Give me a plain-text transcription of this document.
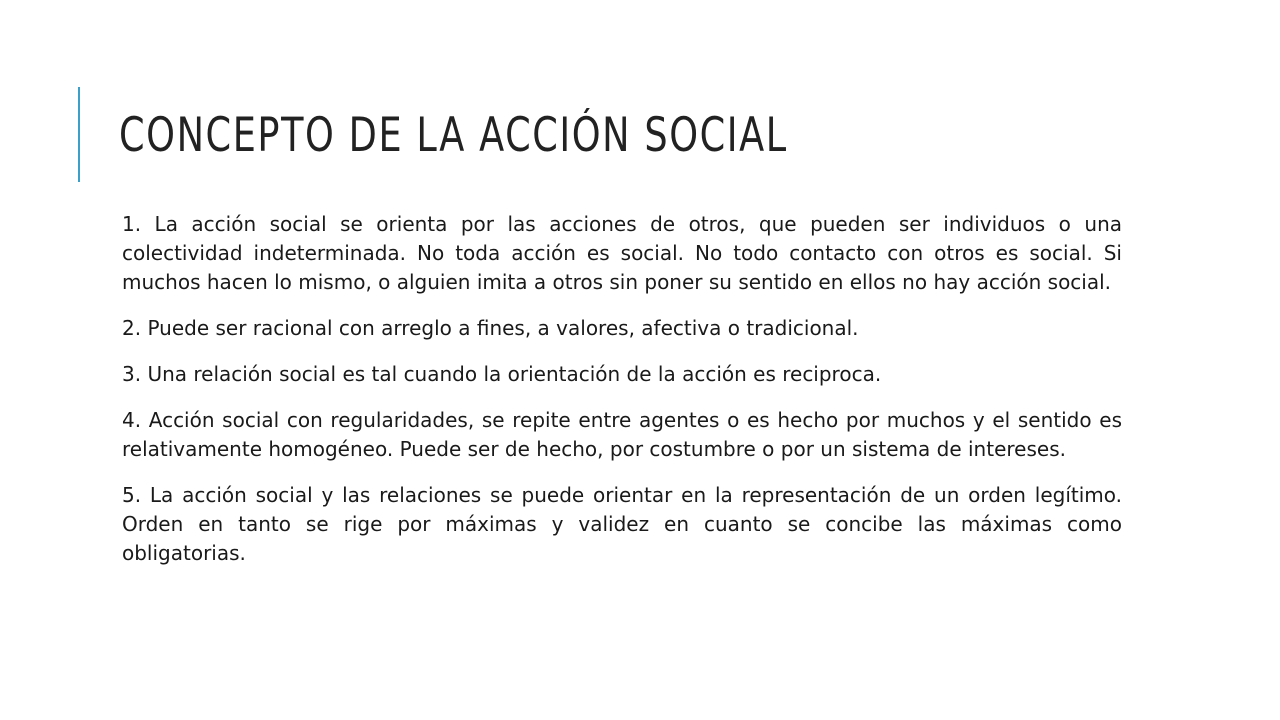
CONCEPTO DE LA ACCIÓN SOCIAL

1. La acción social se orienta por las acciones de otros, que pueden ser individuos o una colectividad indeterminada. No toda acción es social. No todo contacto con otros es social. Si muchos hacen lo mismo, o alguien imita a otros sin poner su sentido en ellos no hay acción social.

2. Puede ser racional con arreglo a fines, a valores, afectiva o tradicional.

3. Una relación social es tal cuando la orientación de la acción es reciproca.

4. Acción social con regularidades, se repite entre agentes o es hecho por muchos y el sentido es relativamente homogéneo. Puede ser de hecho, por costumbre o por un sistema de intereses.

5. La acción social y las relaciones se puede orientar en la representación de un orden legítimo. Orden en tanto se rige por máximas y validez en cuanto se concibe las máximas como obligatorias.
